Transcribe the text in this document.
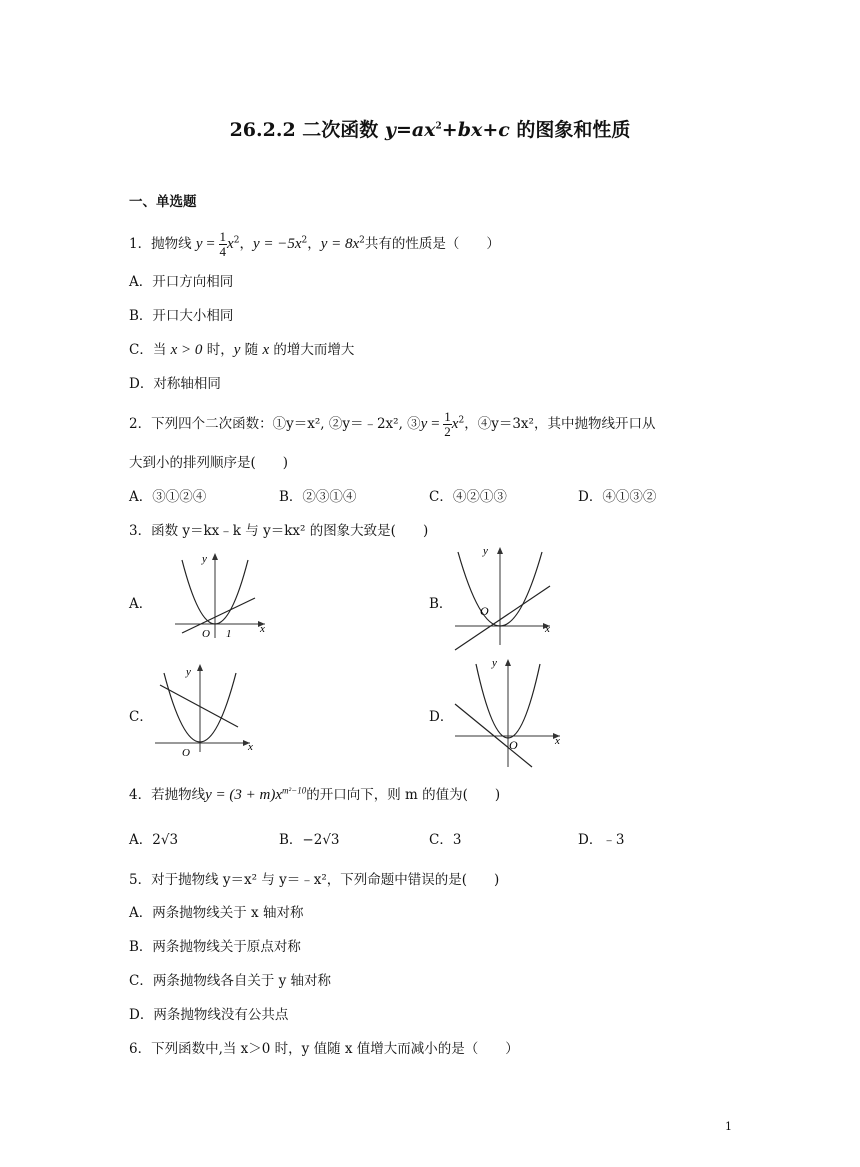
26.2.2 二次函数 $y=ax^2+bx+c$ 的图象和性质
一、单选题
1．抛物线 $y = \frac{1}{4} x^2$，$y = -5x^2$，$y = 8x^2$共有的性质是（　　）
A．开口方向相同
B．开口大小相同
C．当 x > 0 时，y 随 x 的增大而增大
D．对称轴相同
2．下列四个二次函数：①y＝x², ②y＝﹣2x², ③y = $\frac{1}{2} x^2$，④y＝3x²，其中抛物线开口从
大到小的排列顺序是(　　)
A．③①②④	B．②③①④	C．④②①③	D．④①③②
3．函数 y＝kx﹣k 与 y＝kx² 的图象大致是(　　)
A．
O 1	x
y
B． O
x
y
C．
O	x
y
D．
O	x
y
4．若抛物线$y = (3 + m)x^{m^2-10}$的开口向下，则 m 的值为(　　)
A．2√3	B．−2√3	C．3	D．﹣3
5．对于抛物线 y＝x² 与 y＝﹣x²，下列命题中错误的是(　　)
A．两条抛物线关于 x 轴对称
B．两条抛物线关于原点对称
C．两条抛物线各自关于 y 轴对称
D．两条抛物线没有公共点
6．下列函数中,当 x＞0 时，y 值随 x 值增大而减小的是（　　）
1
